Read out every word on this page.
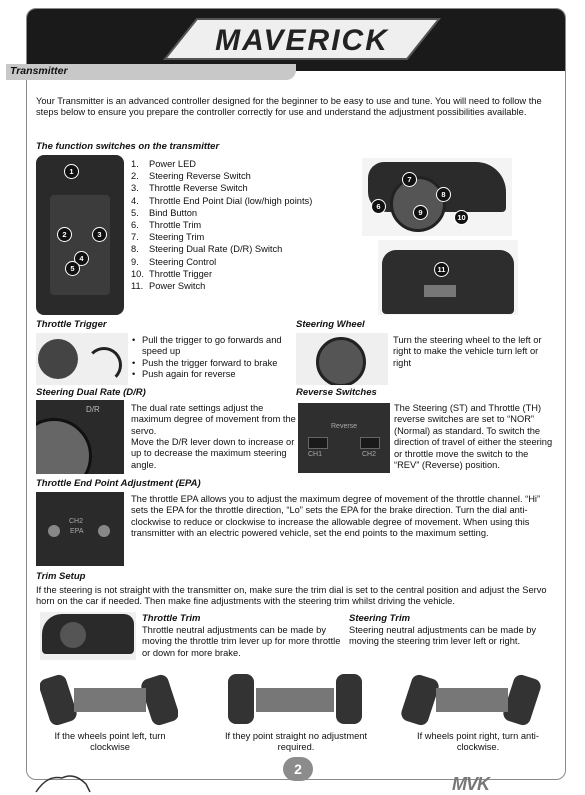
MAVERICK
Transmitter
Your Transmitter is an advanced controller designed for the beginner to be easy to use and tune. You will need to follow the steps below to ensure you prepare the controller correctly for use and understand the adjustment possibilities available.
The function switches on the transmitter
1
2	3
4
5
1. Power LED
2. Steering Reverse Switch
3. Throttle Reverse Switch
4. Throttle End Point Dial (low/high points)
5. Bind Button
6. Throttle Trim
7. Steering Trim
8. Steering Dual Rate (D/R) Switch
9. Steering Control
10. Throttle Trigger
11. Power Switch
7
8
6
9
10
11
Throttle Trigger
• Pull the trigger to go forwards and speed up
• Push the trigger forward to brake
• Push again for reverse
Steering Wheel
Turn the steering wheel to the left or right to make the vehicle turn left or right
Steering Dual Rate (D/R)
D/R	The dual rate settings adjust the maximum degree of movement from the servo.
Move the D/R lever down to increase or up to decrease the maximum steering angle.
Reverse Switches
Reverse
CH1	CH2
The Steering (ST) and Throttle (TH) reverse switches are set to “NOR” (Normal) as standard. To switch the direction of travel of either the steering or throttle move the switch to the “REV” (Reverse) position.
Throttle End Point Adjustment (EPA)
CH2
EPA
The throttle EPA allows you to adjust the maximum degree of movement of the throttle channel. “Hi” sets the EPA for the throttle direction, “Lo” sets the EPA for the brake direction. Turn the dial anti-clockwise to reduce or clockwise to increase the allowable degree of movement. When using this transmitter with an electric powered vehicle, set the end points to the maximum setting.
Trim Setup
If the steering is not straight with the transmitter on, make sure the trim dial is set to the central position and adjust the Servo horn on the car if needed. Then make fine adjustments with the steering trim whilst driving the vehicle.
Throttle Trim
Throttle neutral adjustments can be made by moving the throttle trim lever up for more throttle or down for more brake.
Steering Trim
Steering neutral adjustments can be made by moving the steering trim lever left or right.
If the wheels point left, turn clockwise
If they point straight no adjustment required.
If wheels point right, turn anti-clockwise.
2
MVK
